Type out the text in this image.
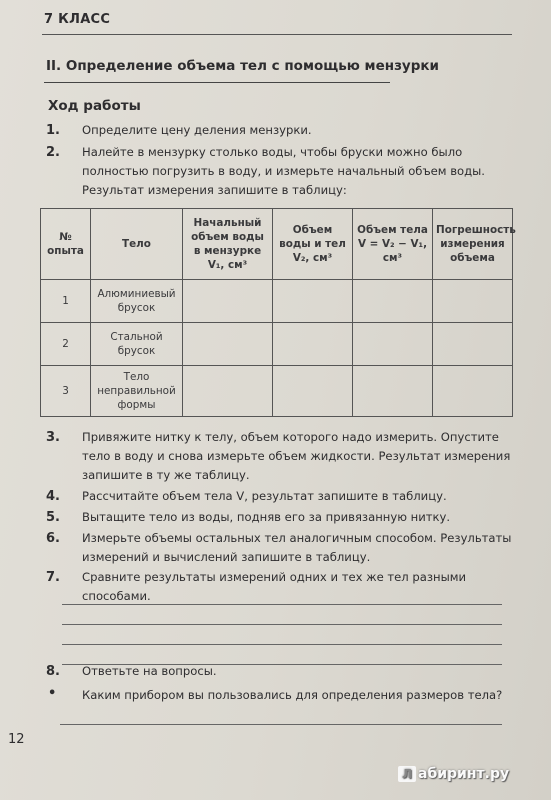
7 КЛАСС
II. Определение объема тел с помощью мензурки
Ход работы
1.	Определите цену деления мензурки.
2.	Налейте в мензурку столько воды, чтобы бруски можно было полностью погрузить в воду, и измерьте начальный объем воды. Результат измерения запишите в таблицу:
№ опыта	Тело	Начальный объем воды в мензурке V₁, см³	Объем воды и тел V₂, см³	Объем тела V = V₂ − V₁, см³	Погрешность измерения объема
1	Алюминиевый брусок				
2	Стальной брусок				
3	Тело неправильной формы				
3.	Привяжите нитку к телу, объем которого надо измерить. Опустите тело в воду и снова измерьте объем жидкости. Результат измерения запишите в ту же таблицу.
4.	Рассчитайте объем тела V, результат запишите в таблицу.
5.	Вытащите тело из воды, подняв его за привязанную нитку.
6.	Измерьте объемы остальных тел аналогичным способом. Результаты измерений и вычислений запишите в таблицу.
7.	Сравните результаты измерений одних и тех же тел разными способами.
8.	Ответьте на вопросы.
• Каким прибором вы пользовались для определения размеров тела?
12
Л абиринт.ру
